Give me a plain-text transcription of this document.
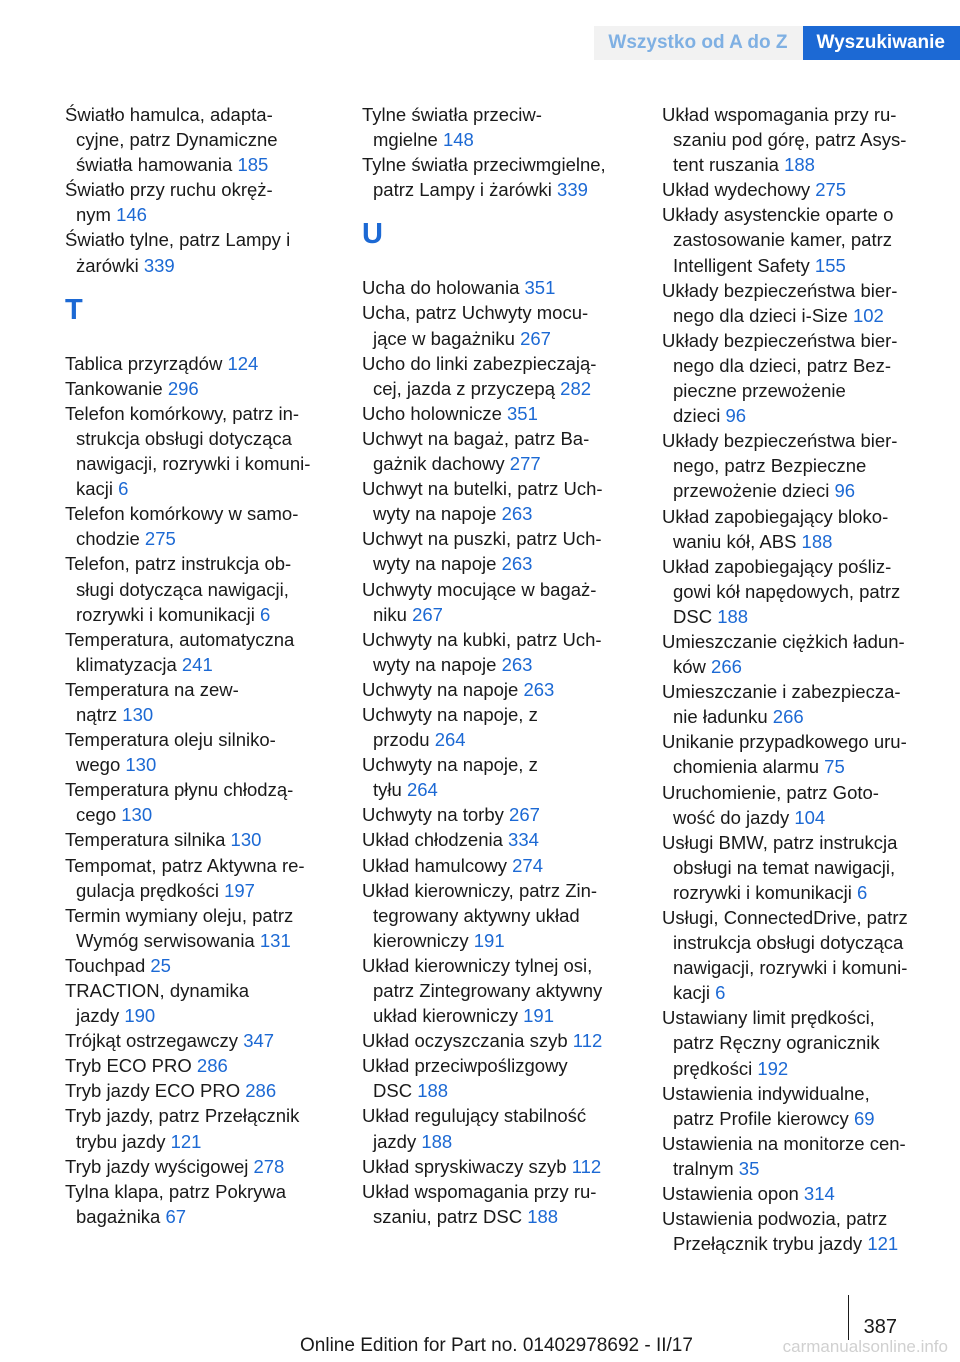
Wszystko od A do Z	Wyszukiwanie
Światło hamulca, adapta-
cyjne, patrz Dynamiczne
światła hamowania 185
Światło przy ruchu okręż-
nym 146
Światło tylne, patrz Lampy i
żarówki 339
T
Tablica przyrządów 124
Tankowanie 296
Telefon komórkowy, patrz in-
strukcja obsługi dotycząca
nawigacji, rozrywki i komuni-
kacji 6
Telefon komórkowy w samo-
chodzie 275
Telefon, patrz instrukcja ob-
sługi dotycząca nawigacji,
rozrywki i komunikacji 6
Temperatura, automatyczna
klimatyzacja 241
Temperatura na zew-
nątrz 130
Temperatura oleju silniko-
wego 130
Temperatura płynu chłodzą-
cego 130
Temperatura silnika 130
Tempomat, patrz Aktywna re-
gulacja prędkości 197
Termin wymiany oleju, patrz
Wymóg serwisowania 131
Touchpad 25
TRACTION, dynamika
jazdy 190
Trójkąt ostrzegawczy 347
Tryb ECO PRO 286
Tryb jazdy ECO PRO 286
Tryb jazdy, patrz Przełącznik
trybu jazdy 121
Tryb jazdy wyścigowej 278
Tylna klapa, patrz Pokrywa
bagażnika 67
Tylne światła przeciw-
mgielne 148
Tylne światła przeciwmgielne,
patrz Lampy i żarówki 339
U
Ucha do holowania 351
Ucha, patrz Uchwyty mocu-
jące w bagażniku 267
Ucho do linki zabezpieczają-
cej, jazda z przyczepą 282
Ucho holownicze 351
Uchwyt na bagaż, patrz Ba-
gażnik dachowy 277
Uchwyt na butelki, patrz Uch-
wyty na napoje 263
Uchwyt na puszki, patrz Uch-
wyty na napoje 263
Uchwyty mocujące w bagaż-
niku 267
Uchwyty na kubki, patrz Uch-
wyty na napoje 263
Uchwyty na napoje 263
Uchwyty na napoje, z
przodu 264
Uchwyty na napoje, z
tyłu 264
Uchwyty na torby 267
Układ chłodzenia 334
Układ hamulcowy 274
Układ kierowniczy, patrz Zin-
tegrowany aktywny układ
kierowniczy 191
Układ kierowniczy tylnej osi,
patrz Zintegrowany aktywny
układ kierowniczy 191
Układ oczyszczania szyb 112
Układ przeciwpoślizgowy
DSC 188
Układ regulujący stabilność
jazdy 188
Układ spryskiwaczy szyb 112
Układ wspomagania przy ru-
szaniu, patrz DSC 188
Układ wspomagania przy ru-
szaniu pod górę, patrz Asys-
tent ruszania 188
Układ wydechowy 275
Układy asystenckie oparte o
zastosowanie kamer, patrz
Intelligent Safety 155
Układy bezpieczeństwa bier-
nego dla dzieci i-Size 102
Układy bezpieczeństwa bier-
nego dla dzieci, patrz Bez-
pieczne przewożenie
dzieci 96
Układy bezpieczeństwa bier-
nego, patrz Bezpieczne
przewożenie dzieci 96
Układ zapobiegający bloko-
waniu kół, ABS 188
Układ zapobiegający pośliz-
gowi kół napędowych, patrz
DSC 188
Umieszczanie ciężkich ładun-
ków 266
Umieszczanie i zabezpiecza-
nie ładunku 266
Unikanie przypadkowego uru-
chomienia alarmu 75
Uruchomienie, patrz Goto-
wość do jazdy 104
Usługi BMW, patrz instrukcja
obsługi na temat nawigacji,
rozrywki i komunikacji 6
Usługi, ConnectedDrive, patrz
instrukcja obsługi dotycząca
nawigacji, rozrywki i komuni-
kacji 6
Ustawiany limit prędkości,
patrz Ręczny ogranicznik
prędkości 192
Ustawienia indywidualne,
patrz Profile kierowcy 69
Ustawienia na monitorze cen-
tralnym 35
Ustawienia opon 314
Ustawienia podwozia, patrz
Przełącznik trybu jazdy 121
387
Online Edition for Part no. 01402978692 - II/17	carmanualsonline.info
